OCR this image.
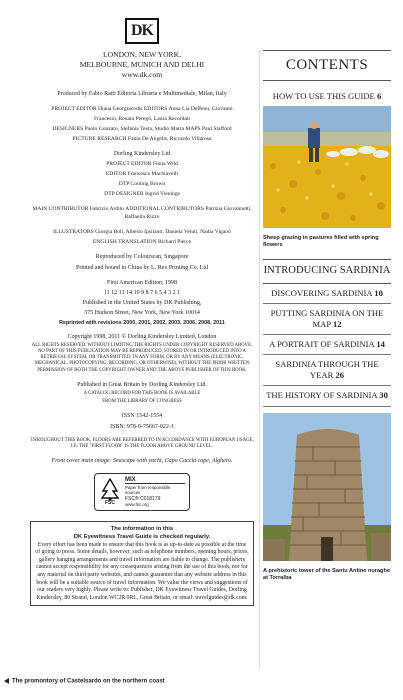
DK
LONDON, NEW YORK,
MELBOURNE, MUNICH AND DELHI
www.dk.com

Produced by Fabio Ratti Editoria Libraria e Multimediale, Milan, Italy

PROJECT EDITOR Diana Georgiacodis EDITORS Anna Lia Deffenu, Giovanni

Francesio, Renata Perego, Laura Recordati

DESIGNERS Paolo Gonzato, Stefania Testa, Studio Matra MAPS Paul Stafford

PICTURE RESEARCH Fabio De Angelis, Riccardo Villarosa

Dorling Kindersley Ltd

PROJECT EDITOR Fiona Wild

EDITOR Francesca Machiavelli

DTP Cooling Brown

DTP DESIGNER Ingrid Vienings

MAIN CONTRIBUTOR Fabrizio Ardito ADDITIONAL CONTRIBUTORS Patrizia Giovannetti, Raffaella Rizzo

ILLUSTRATORS Giorgia Boli, Alberto Ipsilanti, Daniela Veluti, Nadia Viganò

ENGLISH TRANSLATION Richard Pierce

Reproduced by Colourscan, Singapore

Printed and bound in China by L. Rex Printing Co. Ltd

First American Edition, 1998

11 12 13 14 10 9 8 7 6 5 4 3 2 1

Published in the United States by DK Publishing,

375 Hudson Street, New York, New York 10014

Reprinted with revisions 2000, 2001, 2002, 2003, 2006, 2008, 2011

Copyright 1998, 2011 © Dorling Kindersley Limited, London

ALL RIGHTS RESERVED. WITHOUT LIMITING THE RIGHTS UNDER COPYRIGHT RESERVED ABOVE, NO PART OF THIS PUBLICATION MAY BE REPRODUCED, STORED IN OR INTRODUCED INTO A RETRIEVAL SYSTEM, OR TRANSMITTED, IN ANY FORM, OR BY ANY MEANS (ELECTRONIC, MECHANICAL, PHOTOCOPYING, RECORDING, OR OTHERWISE), WITHOUT THE PRIOR WRITTEN PERMISSION OF BOTH THE COPYRIGHT OWNER AND THE ABOVE PUBLISHER OF THIS BOOK.

Published in Great Britain by Dorling Kindersley Ltd.

A CATALOG RECORD FOR THIS BOOK IS AVAILABLE

FROM THE LIBRARY OF CONGRESS

ISSN 1542-1554

ISBN: 978-0-75667-022-1

THROUGHOUT THIS BOOK, FLOORS ARE REFERRED TO IN ACCORDANCE WITH EUROPEAN USAGE, I.E. THE "FIRST FLOOR" IS THE FLOOR ABOVE GROUND LEVEL.

Front cover main image: Seascape with yacht, Capo Caccia cape, Alghero.

FSC
MIX
Paper from responsible sources
FSC® C018179
www.fsc.org
The information in this
DK Eyewitness Travel Guide is checked regularly.
Every effort has been made to ensure that this book is as up-to-date as possible at the time of going to press. Some details, however, such as telephone numbers, opening hours, prices, gallery hanging arrangements and travel information are liable to change. The publishers cannot accept responsibility for any consequences arising from the use of this book, nor for any material on third party websites, and cannot guarantee that any website address in this book will be a suitable source of travel information. We value the views and suggestions of our readers very highly. Please write to: Publisher, DK Eyewitness Travel Guides, Dorling Kindersley, 80 Strand, London WC2R 0RL, Great Britain, or email: travelguides@dk.com.
CONTENTS
HOW TO USE THIS GUIDE 6
Sheep grazing in pastures filled with spring flowers
INTRODUCING SARDINIA
DISCOVERING SARDINIA 10
PUTTING SARDINIA ON THE MAP 12
A PORTRAIT OF SARDINIA 14
SARDINIA THROUGH THE YEAR 26
THE HISTORY OF SARDINIA 30
A prehistoric tower of the Santu Antine nuraghe at Torralba
The promontory of Castelsardo on the northern coast
